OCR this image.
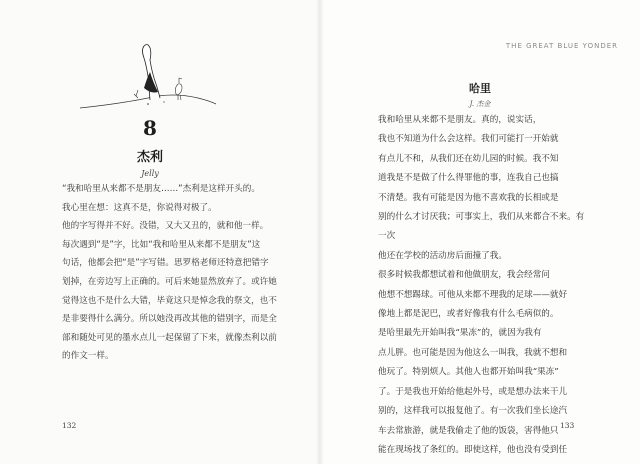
8
杰利
Jelly

“我和哈里从来都不是朋友……”杰利是这样开头的。

我心里在想：这真不是，你说得对极了。

他的字写得并不好。没错，又大又丑的，就和他一样。

每次遇到“是”字，比如“我和哈里从来都不是朋友”这

句话，他都会把“是”字写错。思罗格老师还特意把错字

划掉，在旁边写上正确的。可后来她显然放弃了。或许她

觉得这也不是什么大错，毕竟这只是悼念我的祭文，也不

是非要得什么满分。所以她没再改其他的错别字，而是全

部和随处可见的墨水点儿一起保留了下来，就像杰利以前

的作文一样。

132
THE GREAT BLUE YONDER
哈里
J. 杰金

我和哈里从来都不是朋友。真的，说实话，

我也不知道为什么会这样。我们可能打一开始就

有点儿不和，从我们还在幼儿园的时候。我不知

道我是不是做了什么得罪他的事，连我自己也搞

不清楚。我有可能是因为他不喜欢我的长相或是

别的什么才讨厌我；可事实上，我们从来都合不来。有一次

他还在学校的活动房后面撞了我。

很多时候我都想试着和他做朋友，我会经常问

他想不想踢球。可他从来都不理我的足球——就好

像地上都是泥巴，或者好像我有什么毛病似的。

是哈里最先开始叫我“果冻”的，就因为我有

点儿胖。也可能是因为他这么一叫我，我就不想和

他玩了。特别烦人。其他人也都开始叫我“果冻”

了。于是我也开始给他起外号，或是想办法来干儿

别的，这样我可以报复他了。有一次我们坐长途汽

车去常旅游，就是我偷走了他的饭袋，害得他只

能在现场找了条红的。即使这样，他也没有受到任

133
